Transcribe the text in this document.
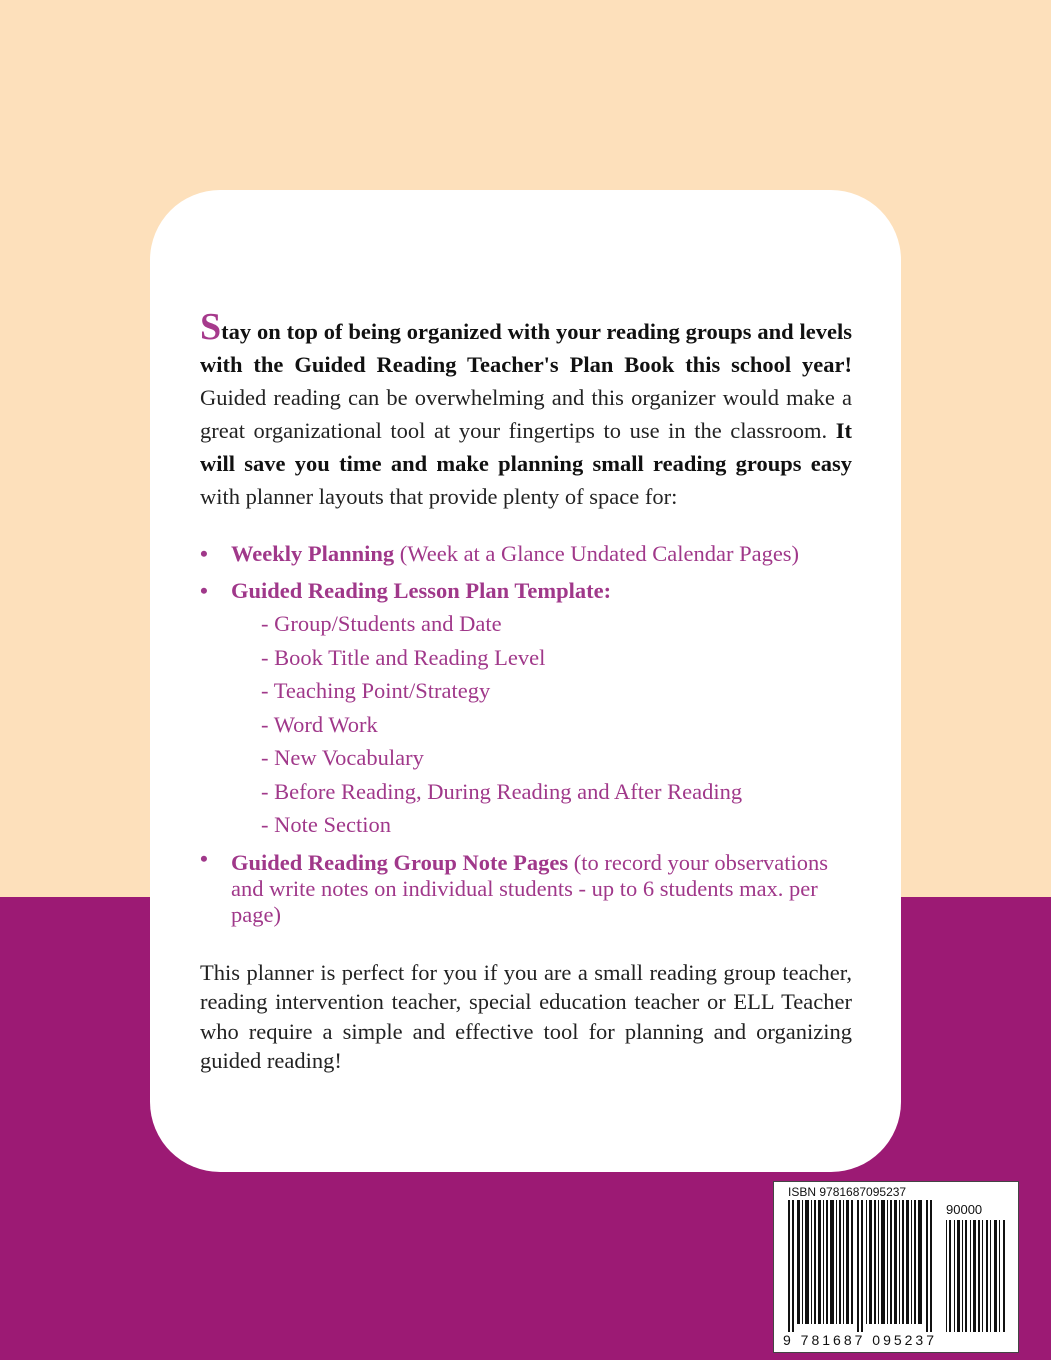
Stay on top of being organized with your reading groups and levels with the Guided Reading Teacher's Plan Book this school year! Guided reading can be overwhelming and this organizer would make a great organizational tool at your fingertips to use in the classroom. It will save you time and make planning small reading groups easy with planner layouts that provide plenty of space for:

• Weekly Planning (Week at a Glance Undated Calendar Pages)
• Guided Reading Lesson Plan Template:
- Group/Students and Date
- Book Title and Reading Level
- Teaching Point/Strategy
- Word Work
- New Vocabulary
- Before Reading, During Reading and After Reading
- Note Section
• Guided Reading Group Note Pages (to record your observations and write notes on individual students - up to 6 students max. per page)

This planner is perfect for you if you are a small reading group teacher, reading intervention teacher, special education teacher or ELL Teacher who require a simple and effective tool for planning and organizing guided reading!

ISBN 9781687095237
90000
9 781687 095237
